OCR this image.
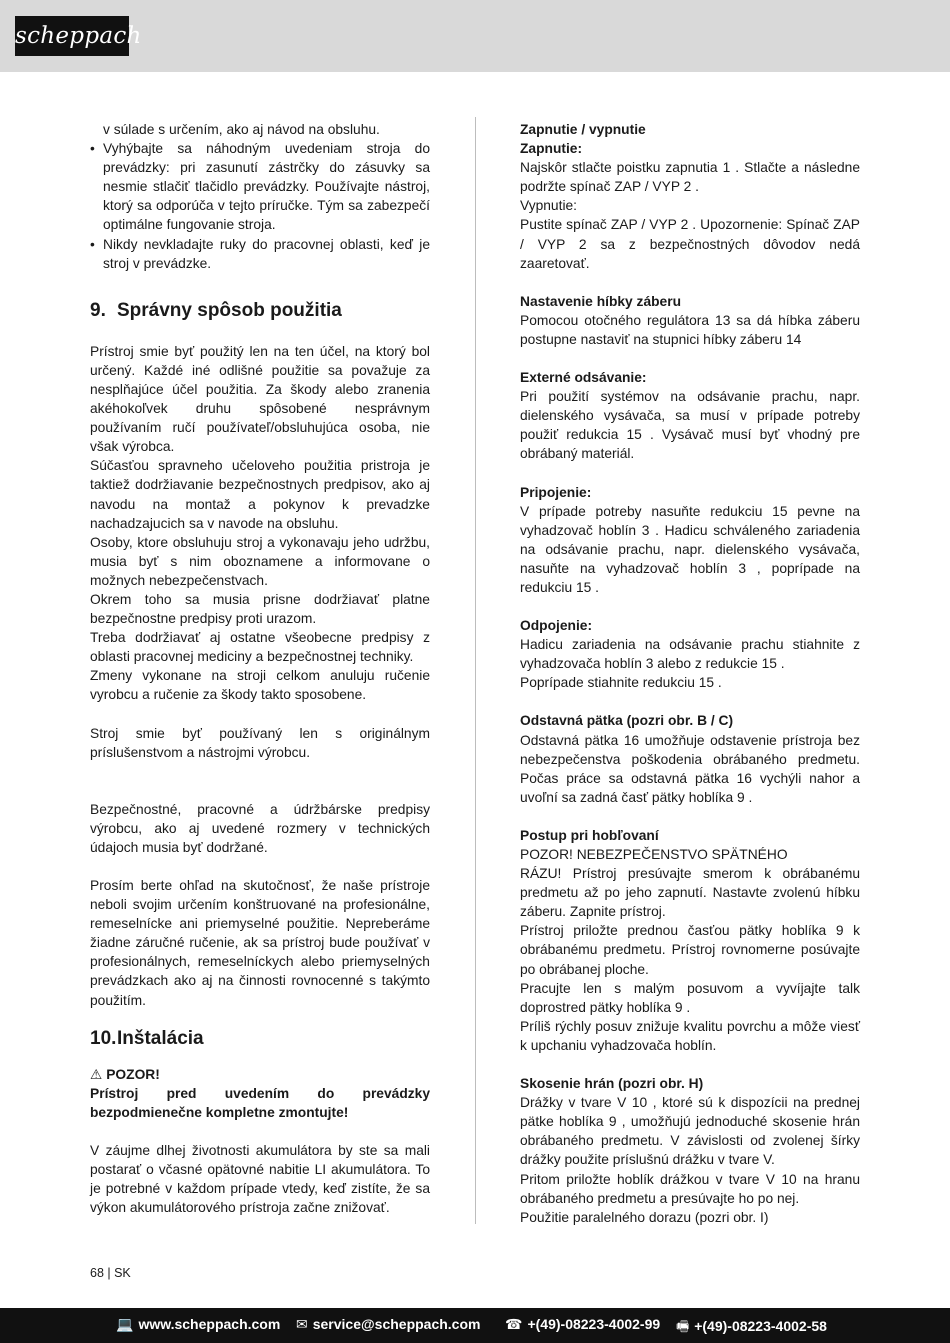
scheppach

v súlade s určením, ako aj návod na obsluhu.

• Vyhýbajte sa náhodným uvedeniam stroja do prevádzky: pri zasunutí zástrčky do zásuvky sa nesmie stlačiť tlačidlo prevádzky. Používajte nástroj, ktorý sa odporúča v tejto príručke. Tým sa zabezpečí optimálne fungovanie stroja.
• Nikdy nevkladajte ruky do pracovnej oblasti, keď je stroj v prevádzke.
9. Správny spôsob použitia

Prístroj smie byť použitý len na ten účel, na ktorý bol určený. Každé iné odlišné použitie sa považuje za nesplňajúce účel použitia. Za škody alebo zranenia akéhokoľvek druhu spôsobené nesprávnym používaním ručí používateľ/obsluhujúca osoba, nie však výrobca.

Súčasťou spravneho učeloveho použitia pristroja je taktiež dodržiavanie bezpečnostnych predpisov, ako aj navodu na montaž a pokynov k prevadzke nachadzajucich sa v navode na obsluhu.

Osoby, ktore obsluhuju stroj a vykonavaju jeho udržbu, musia byť s nim oboznamene a informovane o možnych nebezpečenstvach.

Okrem toho sa musia prisne dodržiavať platne bezpečnostne predpisy proti urazom.

Treba dodržiavať aj ostatne všeobecne predpisy z oblasti pracovnej mediciny a bezpečnostnej techniky.

Zmeny vykonane na stroji celkom anuluju ručenie vyrobcu a ručenie za škody takto sposobene.

Stroj smie byť používaný len s originálnym príslušenstvom a nástrojmi výrobcu.

Bezpečnostné, pracovné a údržbárske predpisy výrobcu, ako aj uvedené rozmery v technických údajoch musia byť dodržané.

Prosím berte ohľad na skutočnosť, že naše prístroje neboli svojim určením konštruované na profesionálne, remeselnícke ani priemyselné použitie. Nepreberáme žiadne záručné ručenie, ak sa prístroj bude používať v profesionálnych, remeselníckych alebo priemyselných prevádzkach ako aj na činnosti rovnocenné s takýmto použitím.

10.Inštalácia

⚠ POZOR!

Prístroj pred uvedením do prevádzky bezpodmienečne kompletne zmontujte!

V záujme dlhej životnosti akumulátora by ste sa mali postarať o včasné opätovné nabitie LI akumulátora. To je potrebné v každom prípade vtedy, keď zistíte, že sa výkon akumulátorového prístroja začne znižovať.

Zapnutie / vypnutie

Zapnutie:

Najskôr stlačte poistku zapnutia 1 . Stlačte a následne podržte spínač ZAP / VYP 2 .

Vypnutie:

Pustite spínač ZAP / VYP 2 . Upozornenie: Spínač ZAP / VYP 2 sa z bezpečnostných dôvodov nedá zaaretovať.

Nastavenie híbky záberu

Pomocou otočného regulátora 13 sa dá híbka záberu postupne nastaviť na stupnici híbky záberu 14

Externé odsávanie:

Pri použití systémov na odsávanie prachu, napr. dielenského vysávača, sa musí v prípade potreby použiť redukcia 15 . Vysávač musí byť vhodný pre obrábaný materiál.

Pripojenie:

V prípade potreby nasuňte redukciu 15 pevne na vyhadzovač hoblín 3 . Hadicu schváleného zariadenia na odsávanie prachu, napr. dielenského vysávača, nasuňte na vyhadzovač hoblín 3 , poprípade na redukciu 15 .

Odpojenie:

Hadicu zariadenia na odsávanie prachu stiahnite z vyhadzovača hoblín 3 alebo z redukcie 15 .

Poprípade stiahnite redukciu 15 .

Odstavná pätka (pozri obr. B / C)

Odstavná pätka 16 umožňuje odstavenie prístroja bez nebezpečenstva poškodenia obrábaného predmetu. Počas práce sa odstavná pätka 16 vychýli nahor a uvoľní sa zadná časť pätky hoblíka 9 .

Postup pri hobľovaní

POZOR! NEBEZPEČENSTVO SPÄTNÉHO

RÁZU! Prístroj presúvajte smerom k obrábanému predmetu až po jeho zapnutí. Nastavte zvolenú híbku záberu. Zapnite prístroj.

Prístroj priložte prednou časťou pätky hoblíka 9 k obrábanému predmetu. Prístroj rovnomerne posúvajte po obrábanej ploche.

Pracujte len s malým posuvom a vyvíjajte talk doprostred pätky hoblíka 9 .

Príliš rýchly posuv znižuje kvalitu povrchu a môže viesť k upchaniu vyhadzovača hoblín.

Skosenie hrán (pozri obr. H)

Drážky v tvare V 10 , ktoré sú k dispozícii na prednej pätke hoblíka 9 , umožňujú jednoduché skosenie hrán obrábaného predmetu. V závislosti od zvolenej šírky drážky použite príslušnú drážku v tvare V.

Pritom priložte hoblík drážkou v tvare V 10 na hranu obrábaného predmetu a presúvajte ho po nej.

Použitie paralelného dorazu (pozri obr. I)

68 | SK
💻 www.scheppach.com ✉ service@scheppach.com ☎ +(49)-08223-4002-99 🖷 +(49)-08223-4002-58
